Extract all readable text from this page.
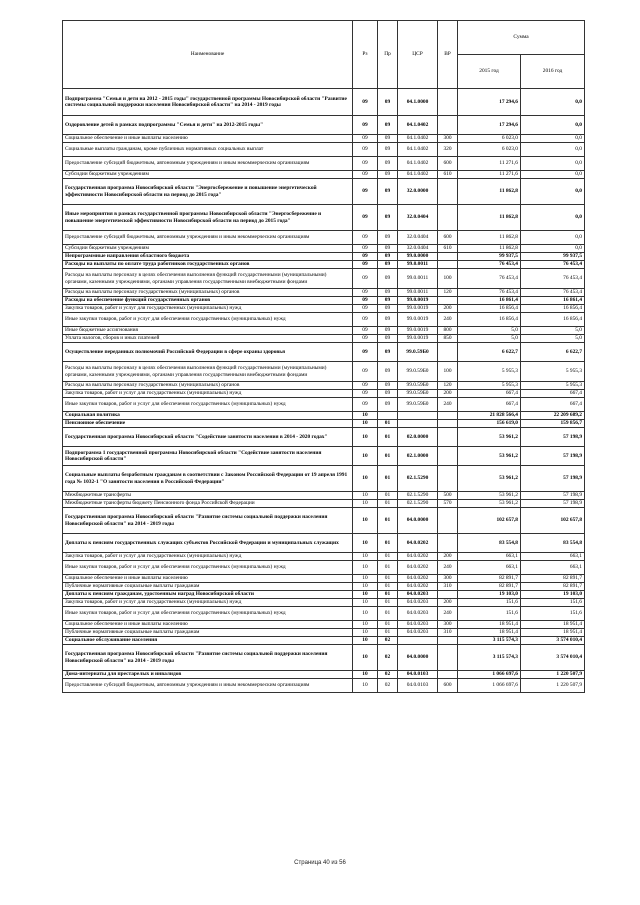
Наименование	Рз	Пр	ЦСР	ВР	Сумма	
					2015 год	2016 год
Подпрограмма "Семья и дети на 2012 - 2015 годы" государственной программы Новосибирской области "Развитие системы социальной поддержки населения Новосибирской области" на 2014 - 2019 годы	09	09	04.1.0000		17 294,6	0,0
Оздоровление детей в рамках подпрограммы "Семья и дети" на 2012-2015 годы"	09	09	04.1.0402		17 294,6	0,0
Социальное обеспечение и иные выплаты населению	09	09	04.1.0402	300	6 023,0	0,0
Социальные выплаты гражданам, кроме публичных нормативных социальных выплат	09	09	04.1.0402	320	6 023,0	0,0
Предоставление субсидий бюджетным, автономным учреждениям и иным некоммерческим организациям	09	09	04.1.0402	600	11 271,6	0,0
Субсидии бюджетным учреждениям	09	09	04.1.0402	610	11 271,6	0,0
Государственная программа Новосибирской области "Энергосбережение и повышение энергетической эффективности Новосибирской области на период до 2015 года"	09	09	32.0.0000		11 862,8	0,0
Иные мероприятия в рамках государственной программы Новосибирской области "Энергосбережение и повышение энергетической эффективности Новосибирской области на период до 2015 года"	09	09	32.0.0404		11 862,8	0,0
Предоставление субсидий бюджетным, автономным учреждениям и иным некоммерческим организациям	09	09	32.0.0404	600	11 862,8	0,0
Субсидии бюджетным учреждениям	09	09	32.0.0404	610	11 862,8	0,0
Непрограммные направления областного бюджета	09	09	99.0.0000		99 937,5	99 937,5
Расходы на выплаты по оплате труда работников государственных органов	09	09	99.0.0011		76 453,4	76 453,4
Расходы на выплаты персоналу в целях обеспечения выполнения функций государственными (муниципальными) органами, казенными учреждениями, органами управления государственными внебюджетными фондами	09	09	99.0.0011	100	76 453,4	76 453,4
Расходы на выплаты персоналу государственных (муниципальных) органов	09	09	99.0.0011	120	76 453,4	76 453,4
Расходы на обеспечение функций государственных органов	09	09	99.0.0019		16 861,4	16 861,4
Закупка товаров, работ и услуг для государственных (муниципальных) нужд	09	09	99.0.0019	200	16 856,4	16 856,4
Иные закупки товаров, работ и услуг для обеспечения государственных (муниципальных) нужд	09	09	99.0.0019	240	16 856,4	16 856,4
Иные бюджетные ассигнования	09	09	99.0.0019	800	5,0	5,0
Уплата налогов, сборов и иных платежей	09	09	99.0.0019	850	5,0	5,0
Осуществление переданных полномочий Российской Федерации в сфере охраны здоровья	09	09	99.0.59Б0		6 622,7	6 622,7
Расходы на выплаты персоналу в целях обеспечения выполнения функций государственными (муниципальными) органами, казенными учреждениями, органами управления государственными внебюджетными фондами	09	09	99.0.59Б0	100	5 955,3	5 955,3
Расходы на выплаты персоналу государственных (муниципальных) органов	09	09	99.0.59Б0	120	5 955,3	5 955,3
Закупка товаров, работ и услуг для государственных (муниципальных) нужд	09	09	99.0.59Б0	200	667,4	667,4
Иные закупки товаров, работ и услуг для обеспечения государственных (муниципальных) нужд	09	09	99.0.59Б0	240	667,4	667,4
Социальная политика	10				21 828 566,4	22 209 689,2
Пенсионное обеспечение	10	01			156 619,0	159 856,7
Государственная программа Новосибирской области "Содействие занятости населения в 2014 - 2020 годах"	10	01	02.0.0000		53 961,2	57 198,9
Подпрограмма 1 государственной программы Новосибирской области "Содействие занятости населения Новосибирской области"	10	01	02.1.0000		53 961,2	57 198,9
Социальные выплаты безработным гражданам в соответствии с Законом Российской Федерации от 19 апреля 1991 года № 1032-1 "О занятости населения в Российской Федерации"	10	01	02.1.5290		53 961,2	57 198,9
Межбюджетные трансферты	10	01	02.1.5290	500	53 961,2	57 198,9
Межбюджетные трансферты бюджету Пенсионного фонда Российской Федерации	10	01	02.1.5290	570	53 961,2	57 198,9
Государственная программа Новосибирской области "Развитие системы социальной поддержки населения Новосибирской области" на 2014 - 2019 годы	10	01	04.0.0000		102 657,8	102 657,8
Доплаты к пенсиям государственных служащих субъектов Российской Федерации и муниципальных служащих	10	01	04.0.0202		83 554,8	83 554,8
Закупка товаров, работ и услуг для государственных (муниципальных) нужд	10	01	04.0.0202	200	663,1	663,1
Иные закупки товаров, работ и услуг для обеспечения государственных (муниципальных) нужд	10	01	04.0.0202	240	663,1	663,1
Социальное обеспечение и иные выплаты населению	10	01	04.0.0202	300	82 891,7	82 891,7
Публичные нормативные социальные выплаты гражданам	10	01	04.0.0202	310	82 891,7	82 891,7
Доплаты к пенсиям гражданам, удостоенным наград Новосибирской области	10	01	04.0.0203		19 103,0	19 103,0
Закупка товаров, работ и услуг для государственных (муниципальных) нужд	10	01	04.0.0203	200	151,6	151,6
Иные закупки товаров, работ и услуг для обеспечения государственных (муниципальных) нужд	10	01	04.0.0203	240	151,6	151,6
Социальное обеспечение и иные выплаты населению	10	01	04.0.0203	300	18 951,4	18 951,4
Публичные нормативные социальные выплаты гражданам	10	01	04.0.0203	310	18 951,4	18 951,4
Социальное обслуживание населения	10	02			3 115 574,3	3 574 010,4
Государственная программа Новосибирской области "Развитие системы социальной поддержки населения Новосибирской области" на 2014 - 2019 годы	10	02	04.0.0000		3 115 574,3	3 574 010,4
Дома-интернаты для престарелых и инвалидов	10	02	04.0.0103		1 066 697,6	1 220 507,9
Предоставление субсидий бюджетным, автономным учреждениям и иным некоммерческим организациям	10	02	04.0.0103	600	1 066 697,6	1 220 507,9
Страница 40 из 56
